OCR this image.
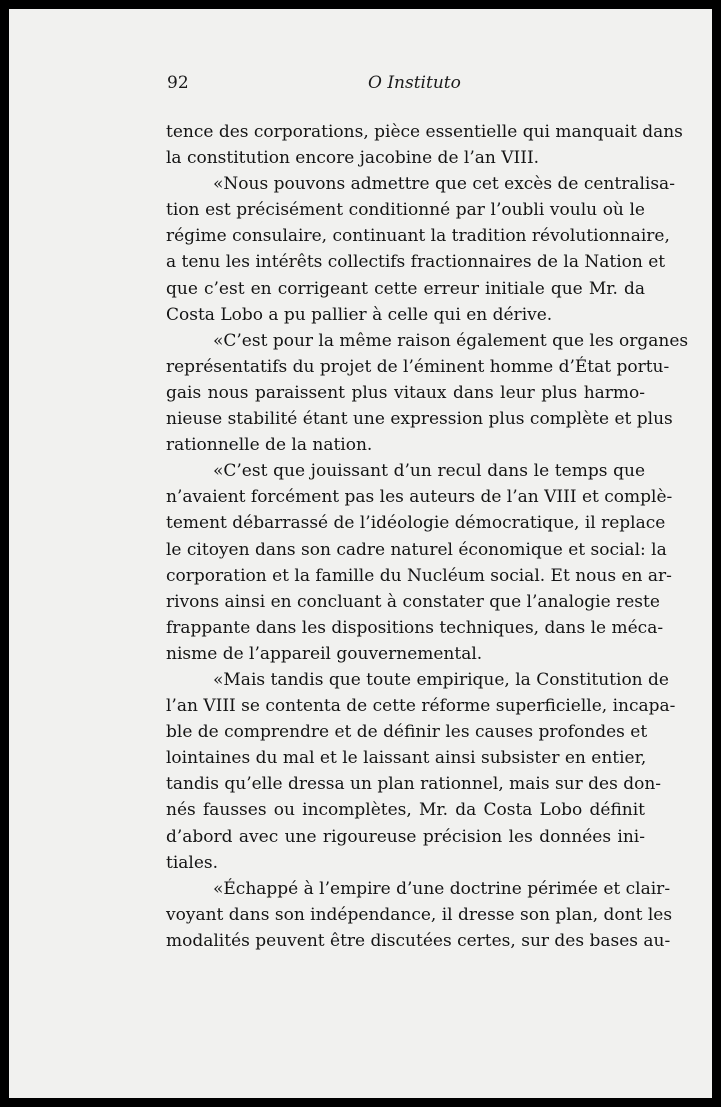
92	O Instituto
tence des corporations, pièce essentielle qui manquait dans
la constitution encore jacobine de l’an VIII.
«Nous pouvons admettre que cet excès de centralisa-
tion est précisément conditionné par l’oubli voulu où le
régime consulaire, continuant la tradition révolutionnaire,
a tenu les intérêts collectifs fractionnaires de la Nation et
que c’est en corrigeant cette erreur initiale que Mr. da
Costa Lobo a pu pallier à celle qui en dérive.
«C’est pour la même raison également que les organes
représentatifs du projet de l’éminent homme d’État portu-
gais nous paraissent plus vitaux dans leur plus harmo-
nieuse stabilité étant une expression plus complète et plus
rationnelle de la nation.
«C’est que jouissant d’un recul dans le temps que
n’avaient forcément pas les auteurs de l’an VIII et complè-
tement débarrassé de l’idéologie démocratique, il replace
le citoyen dans son cadre naturel économique et social: la
corporation et la famille du Nucléum social. Et nous en ar-
rivons ainsi en concluant à constater que l’analogie reste
frappante dans les dispositions techniques, dans le méca-
nisme de l’appareil gouvernemental.
«Mais tandis que toute empirique, la Constitution de
l’an VIII se contenta de cette réforme superficielle, incapa-
ble de comprendre et de définir les causes profondes et
lointaines du mal et le laissant ainsi subsister en entier,
tandis qu’elle dressa un plan rationnel, mais sur des don-
nés fausses ou incomplètes, Mr. da Costa Lobo définit
d’abord avec une rigoureuse précision les données ini-
tiales.
«Échappé à l’empire d’une doctrine périmée et clair-
voyant dans son indépendance, il dresse son plan, dont les
modalités peuvent être discutées certes, sur des bases au-
